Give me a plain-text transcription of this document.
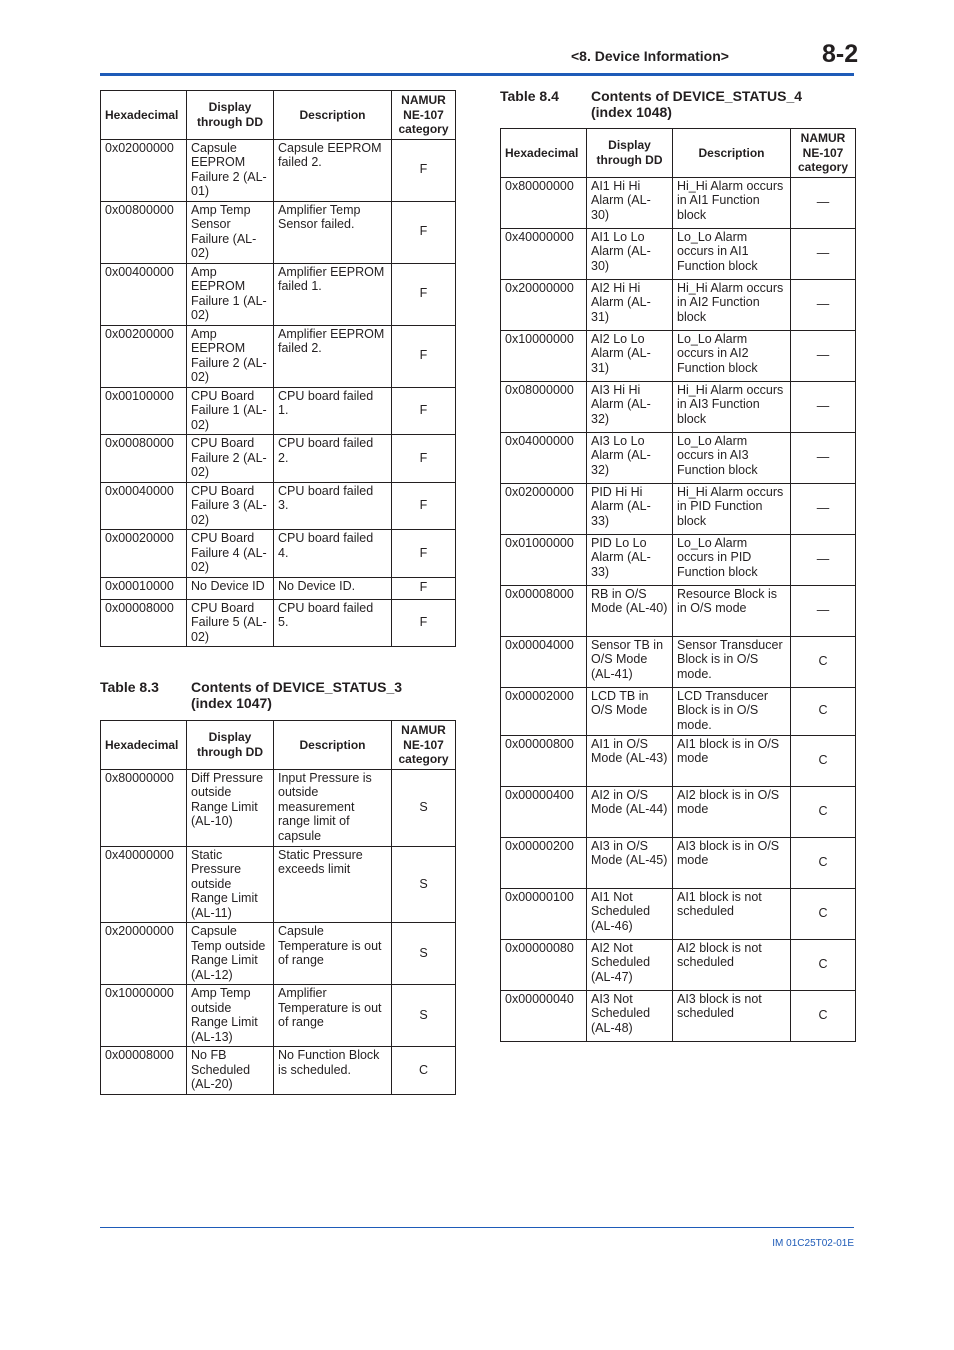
<8. Device Information>	8-2
Hexadecimal	Display through DD	Description	NAMUR NE-107 category
0x02000000	Capsule EEPROM Failure 2 (AL-01)	Capsule EEPROM failed 2.	F
0x00800000	Amp Temp Sensor Failure (AL-02)	Amplifier Temp Sensor failed.	F
0x00400000	Amp EEPROM Failure 1 (AL-02)	Amplifier EEPROM failed 1.	F
0x00200000	Amp EEPROM Failure 2 (AL-02)	Amplifier EEPROM failed 2.	F
0x00100000	CPU Board Failure 1 (AL-02)	CPU board failed 1.	F
0x00080000	CPU Board Failure 2 (AL-02)	CPU board failed 2.	F
0x00040000	CPU Board Failure 3 (AL-02)	CPU board failed 3.	F
0x00020000	CPU Board Failure 4 (AL-02)	CPU board failed 4.	F
0x00010000	No Device ID	No Device ID.	F
0x00008000	CPU Board Failure 5 (AL-02)	CPU board failed 5.	F
Table 8.3	Contents of DEVICE_STATUS_3 (index 1047)
Hexadecimal	Display through DD	Description	NAMUR NE-107 category
0x80000000	Diff Pressure outside Range Limit (AL-10)	Input Pressure is outside measurement range limit of capsule	S
0x40000000	Static Pressure outside Range Limit (AL-11)	Static Pressure exceeds limit	S
0x20000000	Capsule Temp outside Range Limit (AL-12)	Capsule Temperature is out of range	S
0x10000000	Amp Temp outside Range Limit (AL-13)	Amplifier Temperature is out of range	S
0x00008000	No FB Scheduled (AL-20)	No Function Block is scheduled.	C
Table 8.4	Contents of DEVICE_STATUS_4 (index 1048)
Hexadecimal	Display through DD	Description	NAMUR NE-107 category
0x80000000	AI1 Hi Hi Alarm (AL-30)	Hi_Hi Alarm occurs in AI1 Function block	—
0x40000000	AI1 Lo Lo Alarm (AL-30)	Lo_Lo Alarm occurs in AI1 Function block	—
0x20000000	AI2 Hi Hi Alarm (AL-31)	Hi_Hi Alarm occurs in AI2 Function block	—
0x10000000	AI2 Lo Lo Alarm (AL-31)	Lo_Lo Alarm occurs in AI2 Function block	—
0x08000000	AI3 Hi Hi Alarm (AL-32)	Hi_Hi Alarm occurs in AI3 Function block	—
0x04000000	AI3 Lo Lo Alarm (AL-32)	Lo_Lo Alarm occurs in AI3 Function block	—
0x02000000	PID Hi Hi Alarm (AL-33)	Hi_Hi Alarm occurs in PID Function block	—
0x01000000	PID Lo Lo Alarm (AL-33)	Lo_Lo Alarm occurs in PID Function block	—
0x00008000	RB in O/S Mode (AL-40)	Resource Block is in O/S mode	—
0x00004000	Sensor TB in O/S Mode (AL-41)	Sensor Transducer Block is in O/S mode.	C
0x00002000	LCD TB in O/S Mode	LCD Transducer Block is in O/S mode.	C
0x00000800	AI1 in O/S Mode (AL-43)	AI1 block is in O/S mode	C
0x00000400	AI2 in O/S Mode (AL-44)	AI2 block is in O/S mode	C
0x00000200	AI3 in O/S Mode (AL-45)	AI3 block is in O/S mode	C
0x00000100	AI1 Not Scheduled (AL-46)	AI1 block is not scheduled	C
0x00000080	AI2 Not Scheduled (AL-47)	AI2 block is not scheduled	C
0x00000040	AI3 Not Scheduled (AL-48)	AI3 block is not scheduled	C
IM 01C25T02-01E
